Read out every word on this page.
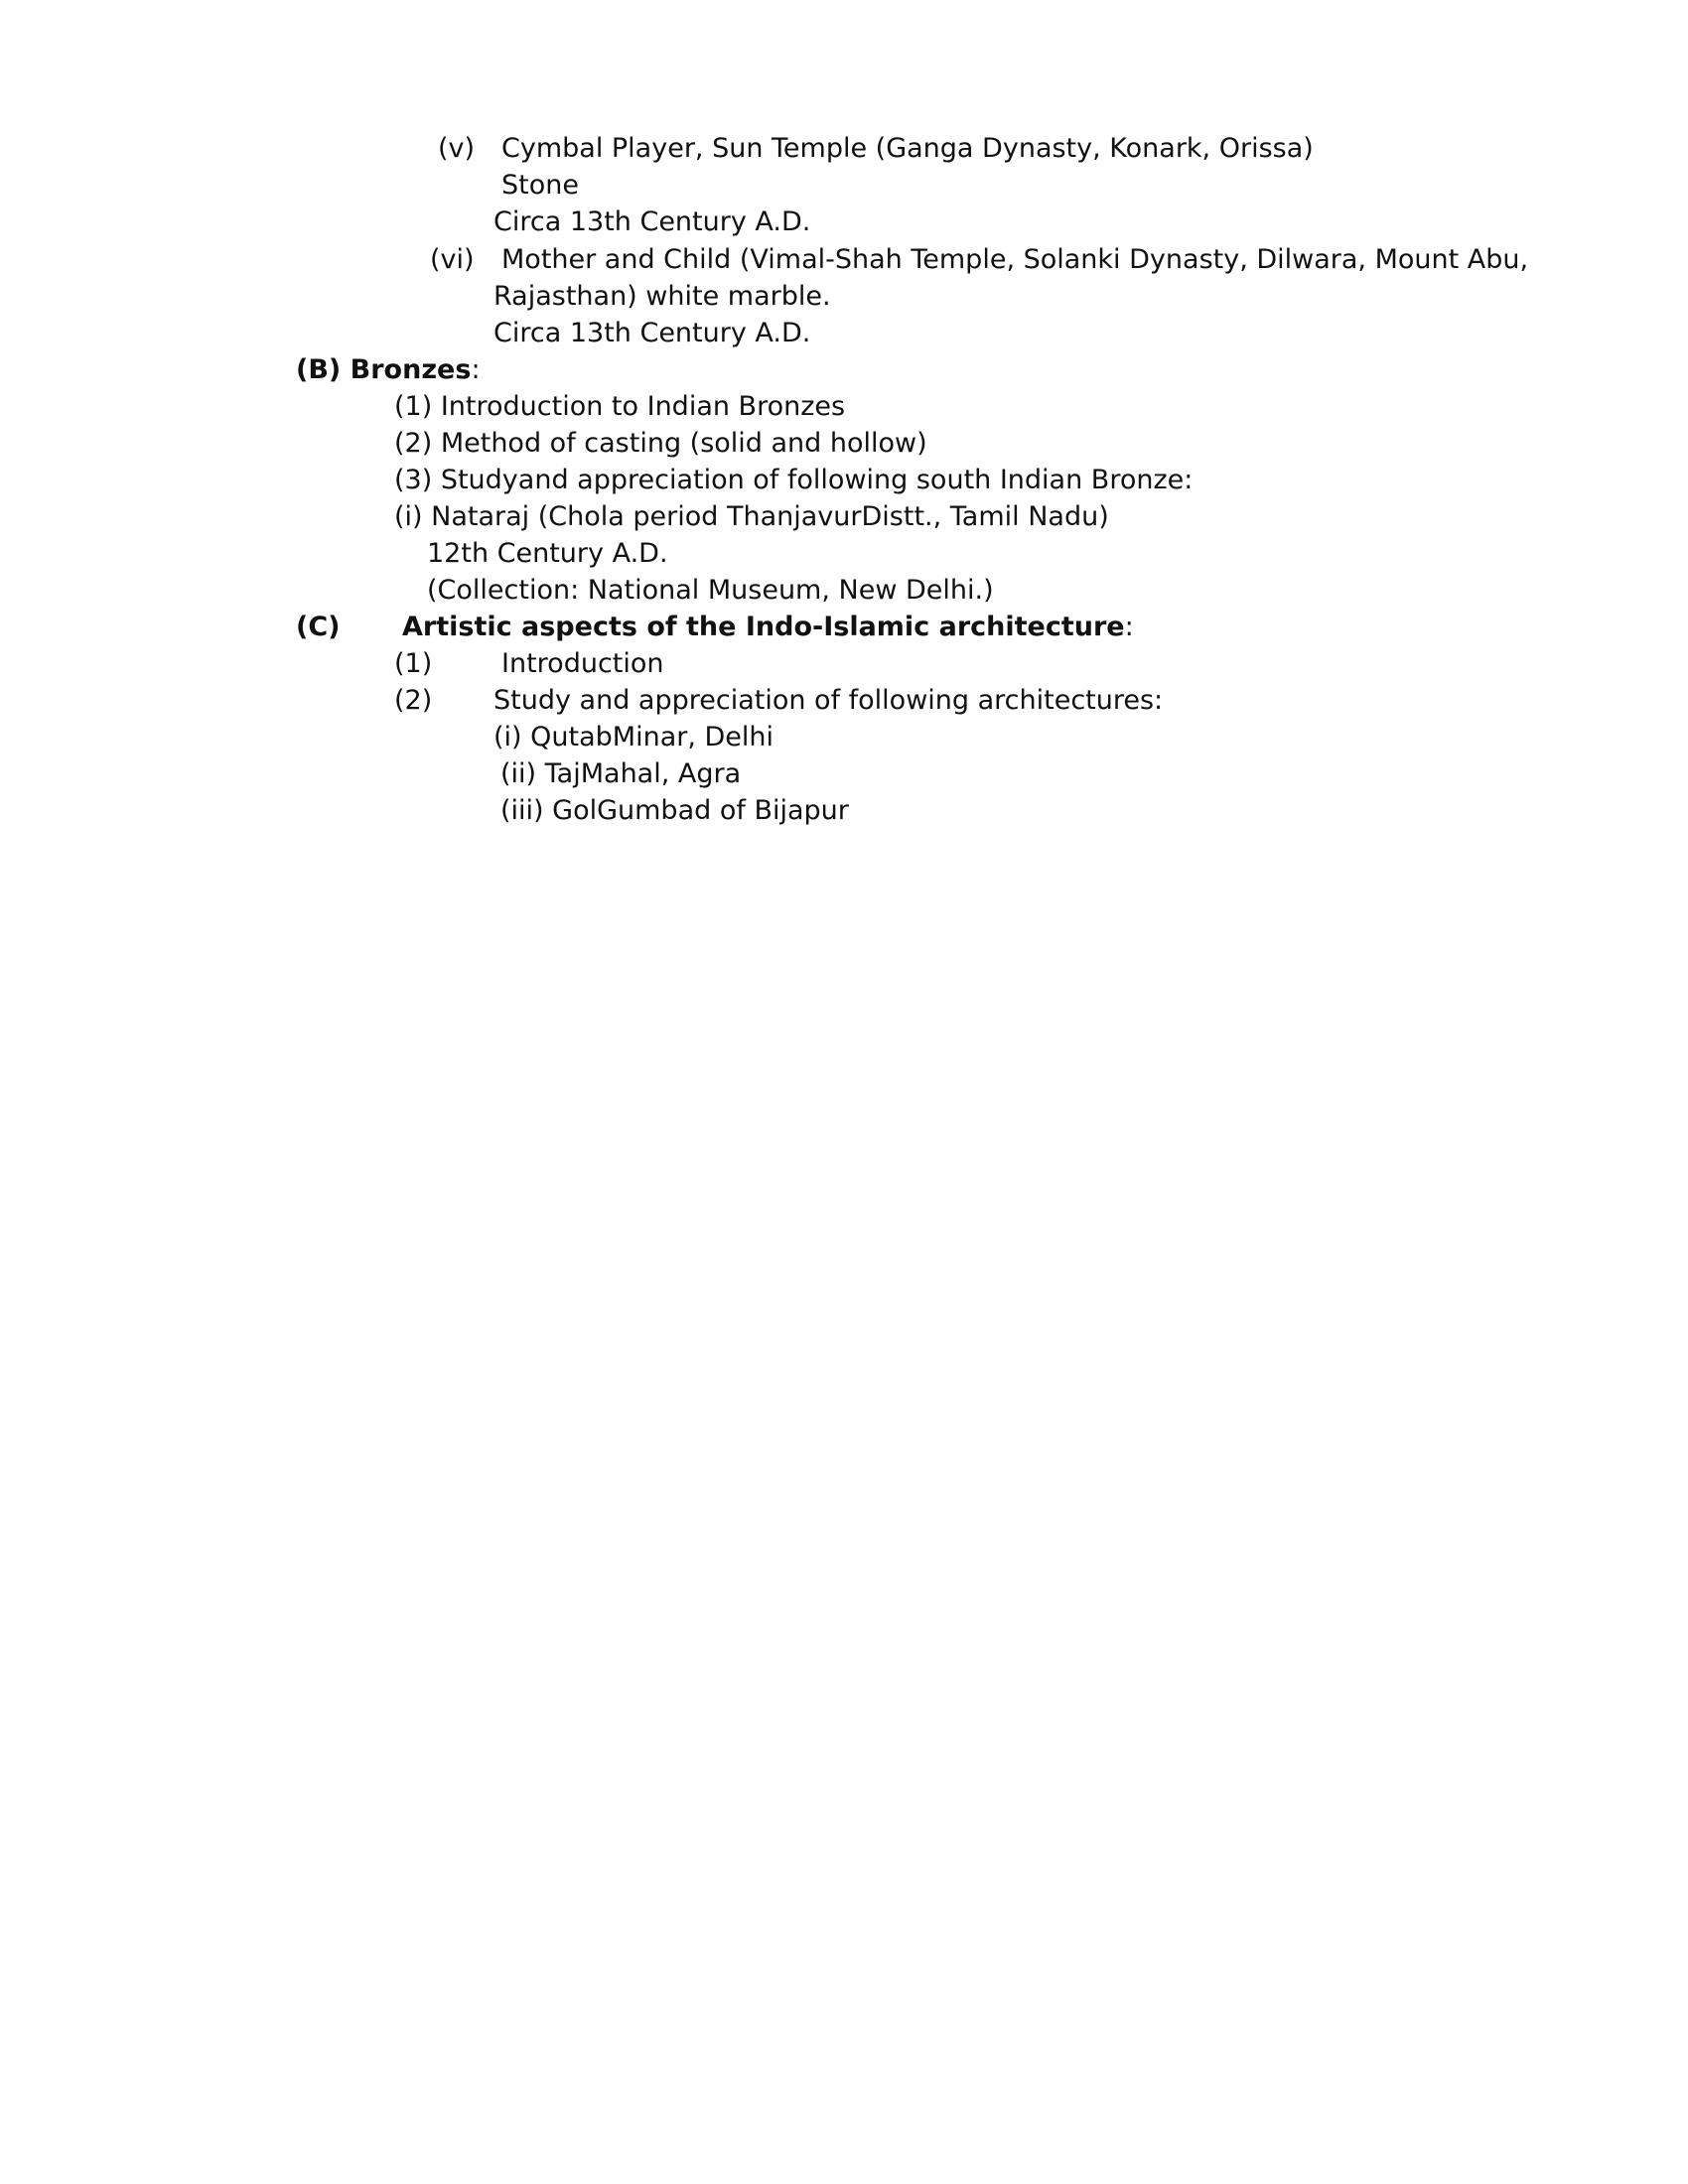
(v) Cymbal Player, Sun Temple (Ganga Dynasty, Konark, Orissa)
Stone
Circa 13th Century A.D.
(vi) Mother and Child (Vimal-Shah Temple, Solanki Dynasty, Dilwara, Mount Abu,
Rajasthan) white marble.
Circa 13th Century A.D.
(B) Bronzes:
(1) Introduction to Indian Bronzes
(2) Method of casting (solid and hollow)
(3) Studyand appreciation of following south Indian Bronze:
(i) Nataraj (Chola period ThanjavurDistt., Tamil Nadu)
12th Century A.D.
(Collection: National Museum, New Delhi.)
(C) Artistic aspects of the Indo-Islamic architecture:
(1)	Introduction
(2) Study and appreciation of following architectures:
(i) QutabMinar, Delhi
(ii) TajMahal, Agra
(iii) GolGumbad of Bijapur
